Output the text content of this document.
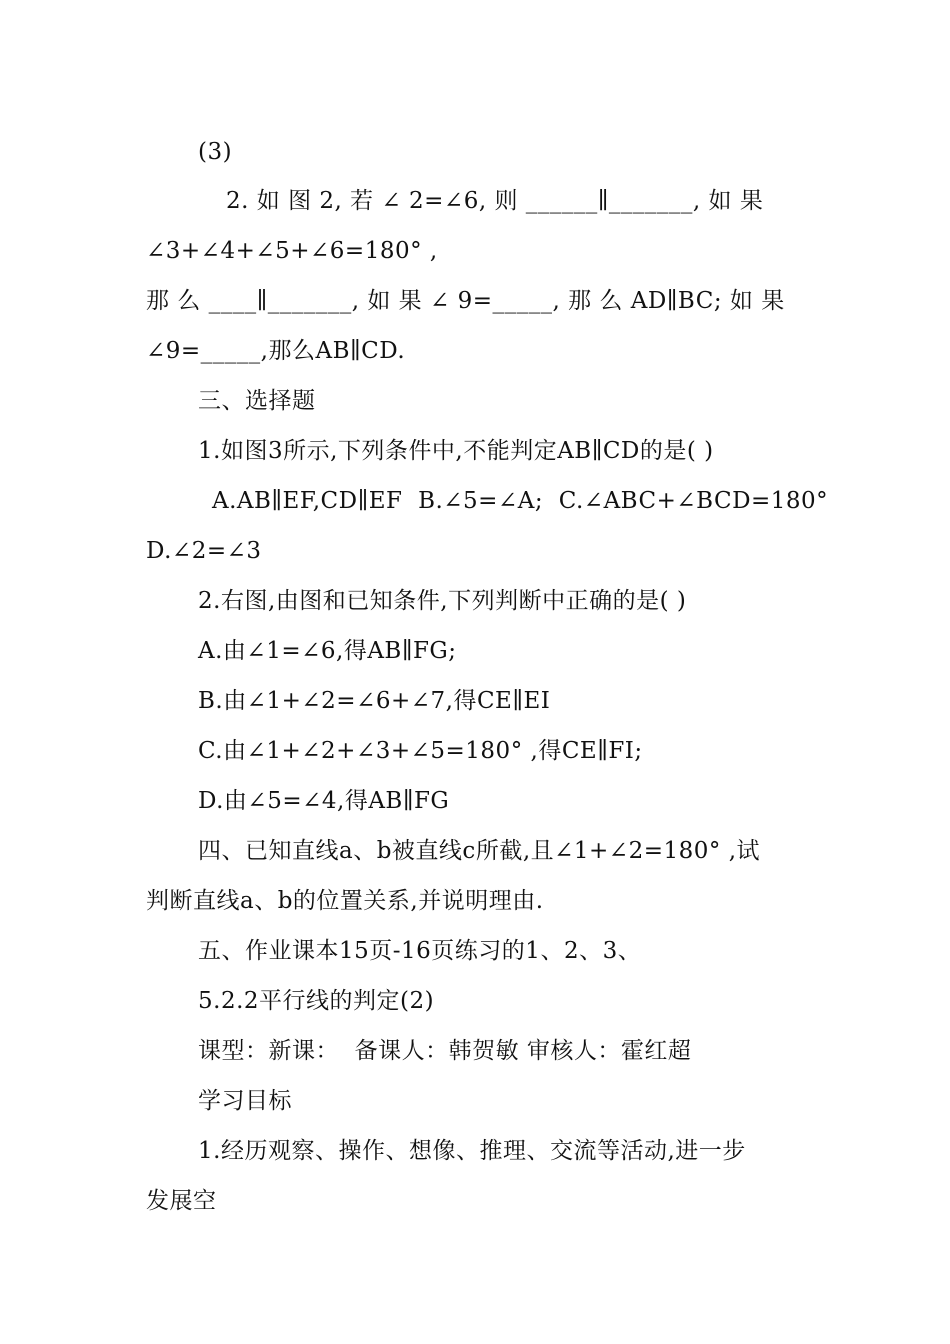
(3)
2. 如 图 2, 若 ∠ 2=∠6, 则 ______∥_______, 如 果
∠3+∠4+∠5+∠6=180° ,
那 么 ____∥_______, 如 果 ∠ 9=_____, 那 么 AD∥BC; 如 果
∠9=_____,那么AB∥CD.
三、选择题
1.如图3所示,下列条件中,不能判定AB∥CD的是( )
A.AB∥EF,CD∥EF  B.∠5=∠A;  C.∠ABC+∠BCD=180°
D.∠2=∠3
2.右图,由图和已知条件,下列判断中正确的是( )
A.由∠1=∠6,得AB∥FG;
B.由∠1+∠2=∠6+∠7,得CE∥EI
C.由∠1+∠2+∠3+∠5=180° ,得CE∥FI;
D.由∠5=∠4,得AB∥FG
四、已知直线a、b被直线c所截,且∠1+∠2=180° ,试
判断直线a、b的位置关系,并说明理由.
五、作业课本15页-16页练习的1、2、3、
5.2.2平行线的判定(2)
课型：新课：  备课人：韩贺敏 审核人：霍红超
学习目标
1.经历观察、操作、想像、推理、交流等活动,进一步
发展空
